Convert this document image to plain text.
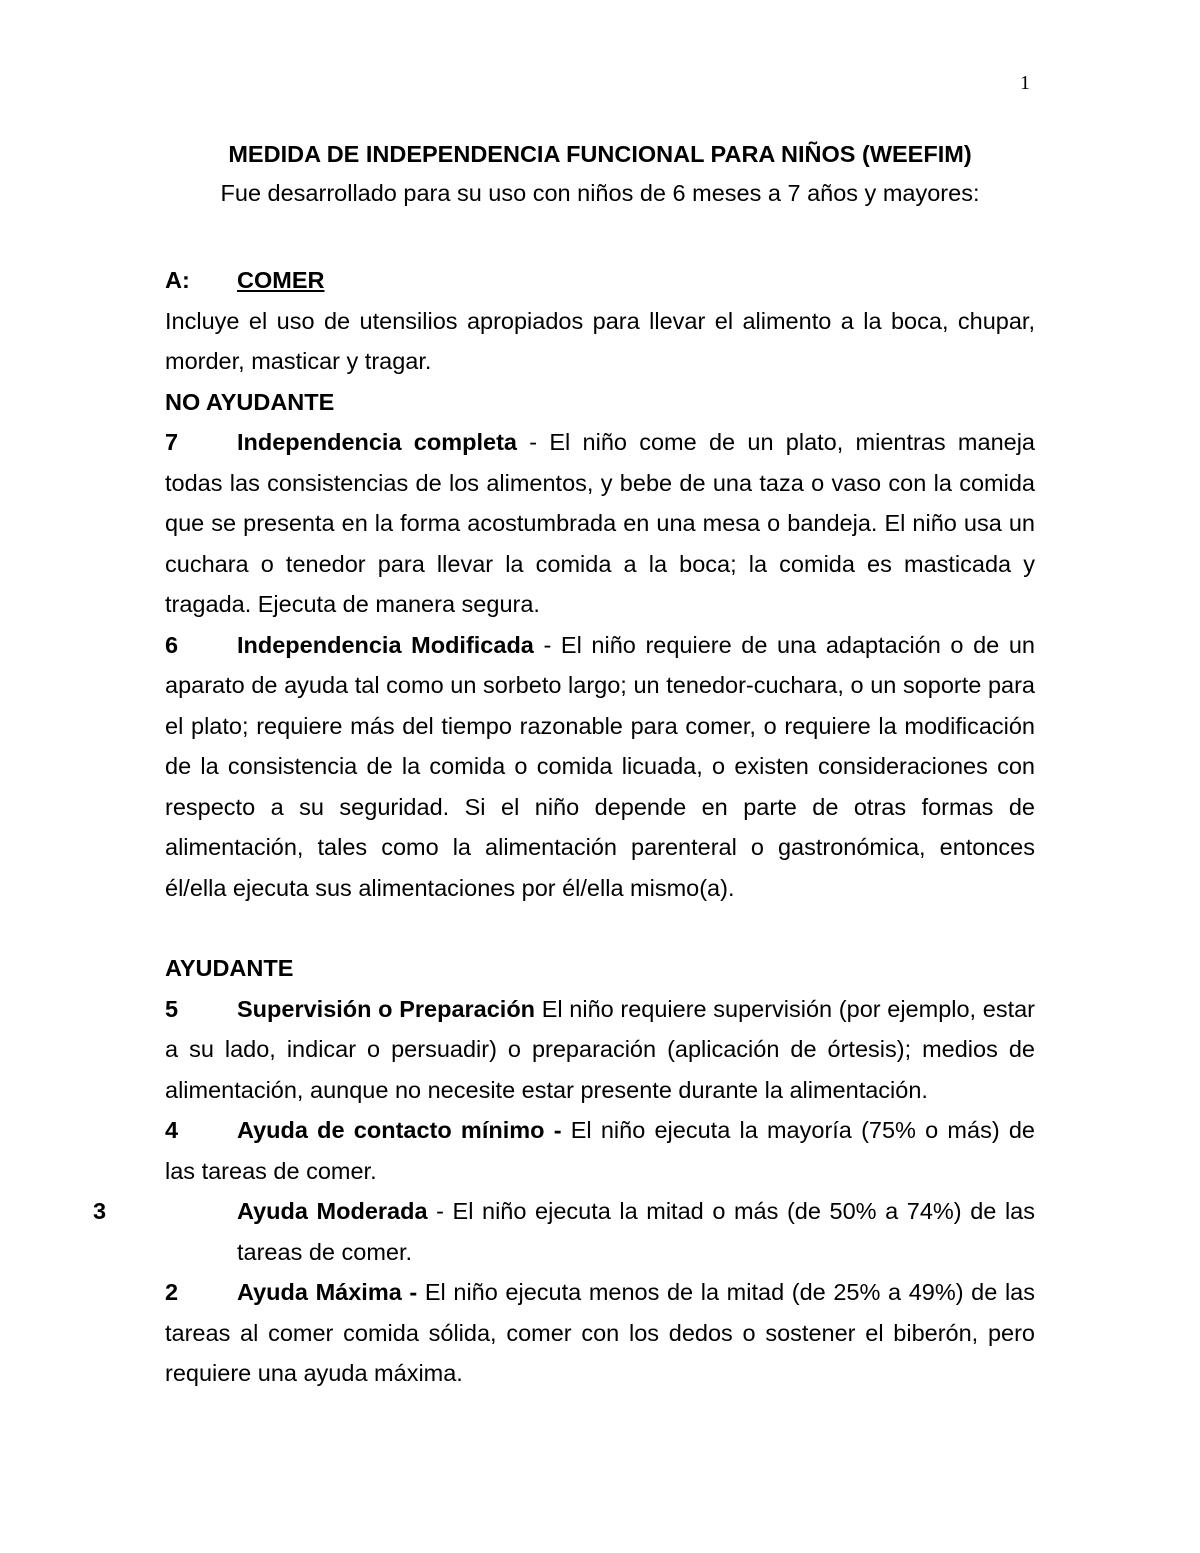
1
MEDIDA DE INDEPENDENCIA FUNCIONAL PARA NIÑOS (WEEFIM)
Fue desarrollado para su uso con niños de 6 meses a 7 años y mayores:
A:	COMER

Incluye el uso de utensilios apropiados para llevar el alimento a la boca, chupar, morder, masticar y tragar.

NO AYUDANTE

7	Independencia completa - El niño come de un plato, mientras maneja todas las consistencias de los alimentos, y bebe de una taza o vaso con la comida que se presenta en la forma acostumbrada en una mesa o bandeja. El niño usa un cuchara o tenedor para llevar la comida a la boca; la comida es masticada y tragada. Ejecuta de manera segura.

6	Independencia Modificada - El niño requiere de una adaptación o de un aparato de ayuda tal como un sorbeto largo; un tenedor-cuchara, o un soporte para el plato; requiere más del tiempo razonable para comer, o requiere la modificación de la consistencia de la comida o comida licuada, o existen consideraciones con respecto a su seguridad. Si el niño depende en parte de otras formas de alimentación, tales como la alimentación parenteral o gastronómica, entonces él/ella ejecuta sus alimentaciones por él/ella mismo(a).

AYUDANTE

5	Supervisión o Preparación El niño requiere supervisión (por ejemplo, estar a su lado, indicar o persuadir) o preparación (aplicación de órtesis); medios de alimentación, aunque no necesite estar presente durante la alimentación.

4	Ayuda de contacto mínimo - El niño ejecuta la mayoría (75% o más) de las tareas de comer.

3	Ayuda Moderada - El niño ejecuta la mitad o más (de 50% a 74%) de las tareas de comer.

2	Ayuda Máxima - El niño ejecuta menos de la mitad (de 25% a 49%) de las tareas al comer comida sólida, comer con los dedos o sostener el biberón, pero requiere una ayuda máxima.
